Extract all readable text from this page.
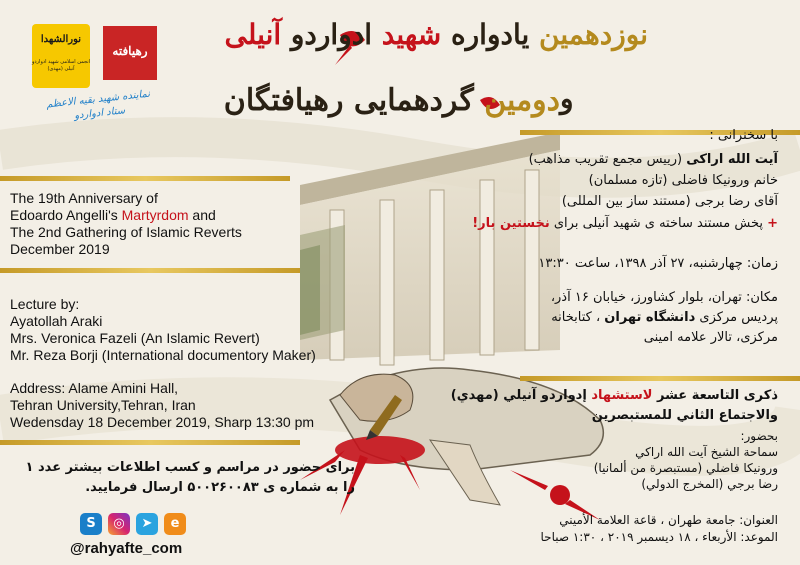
نورالشهدا
انجمن اسلامی شهید ادواردو آنیلی (مهدی)
رهیافته
نماینده شهید بقیه الاعظم ستاد ادواردو
نوزدهمین یادواره شهید ادواردو آنیلی
و
دومین گردهمایی رهیافتگان
The 19th Anniversary of
Edoardo Angelli's Martyrdom and
The 2nd Gathering of Islamic Reverts
December 2019
Lecture by:
Ayatollah Araki
Mrs. Veronica Fazeli (An Islamic Revert)
Mr. Reza Borji (International documentory Maker)
Address: Alame Amini Hall,
Tehran University,Tehran, Iran
Wedensday 18 December 2019, Sharp 13:30 pm
برای حضور در مراسم و کسب اطلاعات بیشتر عدد ۱
را به شماره ی ۵۰۰۲۶۰۰۸۳ ارسال فرمایید.
S	◎	➤	e
@rahyafte_com
با سخنرانی :
آیت الله اراکی (رییس مجمع تقریب مذاهب)
خانم ورونیکا فاضلی (تازه مسلمان)
آقای رضا برجی (مستند ساز بین المللی)
+ پخش مستند ساخته ی شهید آنیلی برای نخستین بار!
زمان: چهارشنبه، ۲۷ آذر ۱۳۹۸، ساعت ۱۳:۳۰
مکان: تهران، بلوار کشاورز، خیابان ۱۶ آذر،
پردیس مرکزی دانشگاه تهران ، کتابخانه
مرکزی، تالار علامه امینی
ذكرى التاسعة عشر لاستشهاد إدواردو آنيلي (مهدي)
والاجتماع الثاني للمستبصرين
بحضور:
سماحة الشيخ آيت الله اراكي
ورونيكا فاضلي (مستبصرة من ألمانيا)
رضا برجي (المخرج الدولي)
العنوان: جامعة طهران ، قاعة العلامة الأميني
الموعد: الأربعاء ، ١٨ ديسمبر ٢٠١٩ ، ١:٣٠ صباحا
